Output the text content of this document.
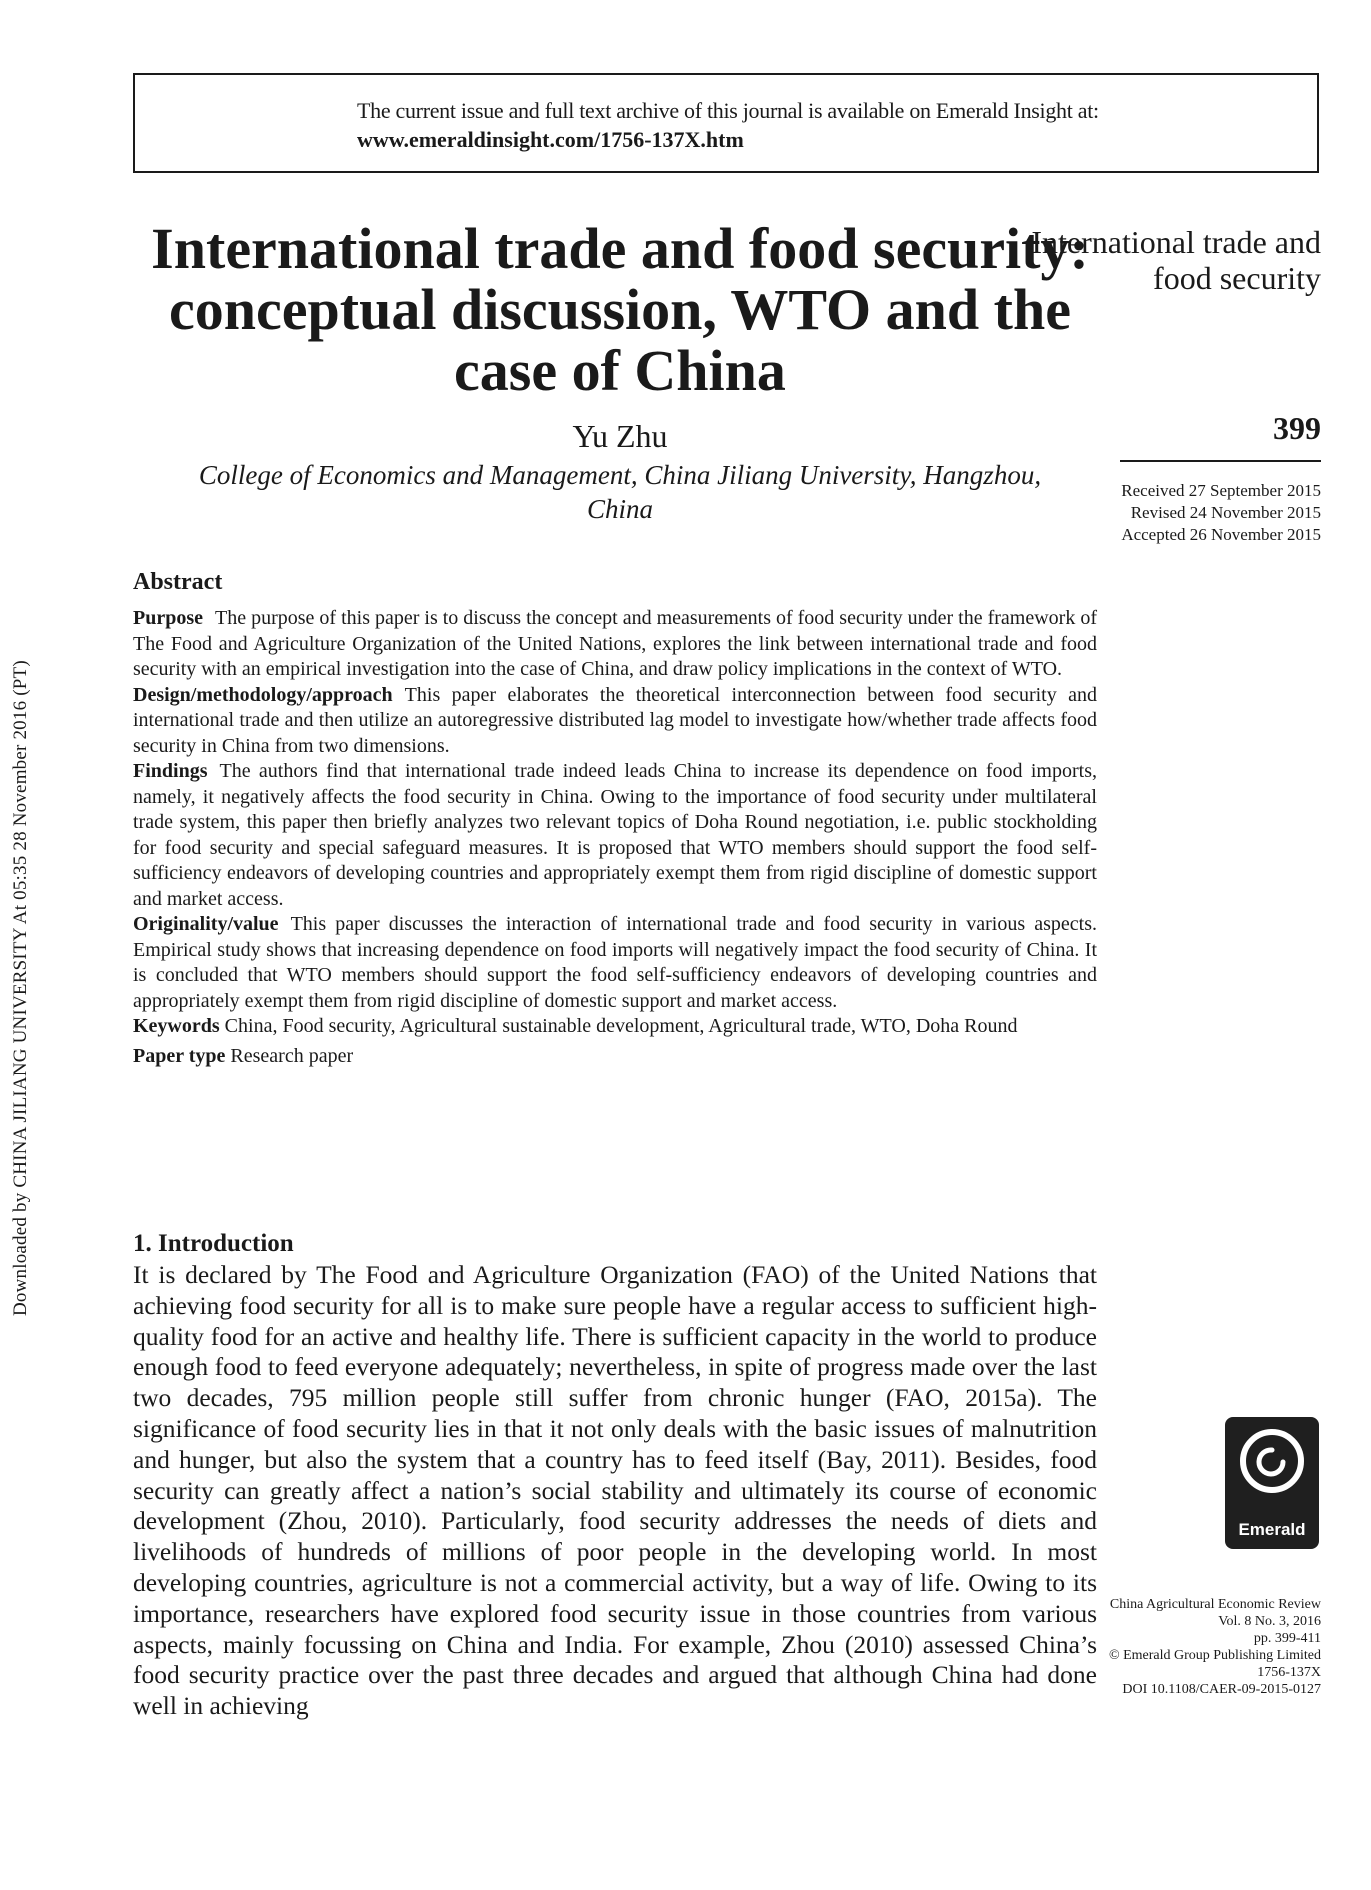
Downloaded by CHINA JILIANG UNIVERSITY At 05:35 28 November 2016 (PT)
The current issue and full text archive of this journal is available on Emerald Insight at:
www.emeraldinsight.com/1756-137X.htm
International trade and food security: conceptual discussion, WTO and the case of China
Yu Zhu
College of Economics and Management, China Jiliang University, Hangzhou, China
International trade and food security
399
Received 27 September 2015
Revised 24 November 2015
Accepted 26 November 2015
Abstract

Purpose The purpose of this paper is to discuss the concept and measurements of food security under the framework of The Food and Agriculture Organization of the United Nations, explores the link between international trade and food security with an empirical investigation into the case of China, and draw policy implications in the context of WTO.

Design/methodology/approach This paper elaborates the theoretical interconnection between food security and international trade and then utilize an autoregressive distributed lag model to investigate how/whether trade affects food security in China from two dimensions.

Findings The authors find that international trade indeed leads China to increase its dependence on food imports, namely, it negatively affects the food security in China. Owing to the importance of food security under multilateral trade system, this paper then briefly analyzes two relevant topics of Doha Round negotiation, i.e. public stockholding for food security and special safeguard measures. It is proposed that WTO members should support the food self-sufficiency endeavors of developing countries and appropriately exempt them from rigid discipline of domestic support and market access.

Originality/value This paper discusses the interaction of international trade and food security in various aspects. Empirical study shows that increasing dependence on food imports will negatively impact the food security of China. It is concluded that WTO members should support the food self-sufficiency endeavors of developing countries and appropriately exempt them from rigid discipline of domestic support and market access.

Keywords China, Food security, Agricultural sustainable development, Agricultural trade, WTO, Doha Round

Paper type Research paper

1. Introduction

It is declared by The Food and Agriculture Organization (FAO) of the United Nations that achieving food security for all is to make sure people have a regular access to sufficient high-quality food for an active and healthy life. There is sufficient capacity in the world to produce enough food to feed everyone adequately; nevertheless, in spite of progress made over the last two decades, 795 million people still suffer from chronic hunger (FAO, 2015a). The significance of food security lies in that it not only deals with the basic issues of malnutrition and hunger, but also the system that a country has to feed itself (Bay, 2011). Besides, food security can greatly affect a nation’s social stability and ultimately its course of economic development (Zhou, 2010). Particularly, food security addresses the needs of diets and livelihoods of hundreds of millions of poor people in the developing world. In most developing countries, agriculture is not a commercial activity, but a way of life. Owing to its importance, researchers have explored food security issue in those countries from various aspects, mainly focussing on China and India. For example, Zhou (2010) assessed China’s food security practice over the past three decades and argued that although China had done well in achieving

Emerald
China Agricultural Economic Review
Vol. 8 No. 3, 2016
pp. 399-411
© Emerald Group Publishing Limited
1756-137X
DOI 10.1108/CAER-09-2015-0127
